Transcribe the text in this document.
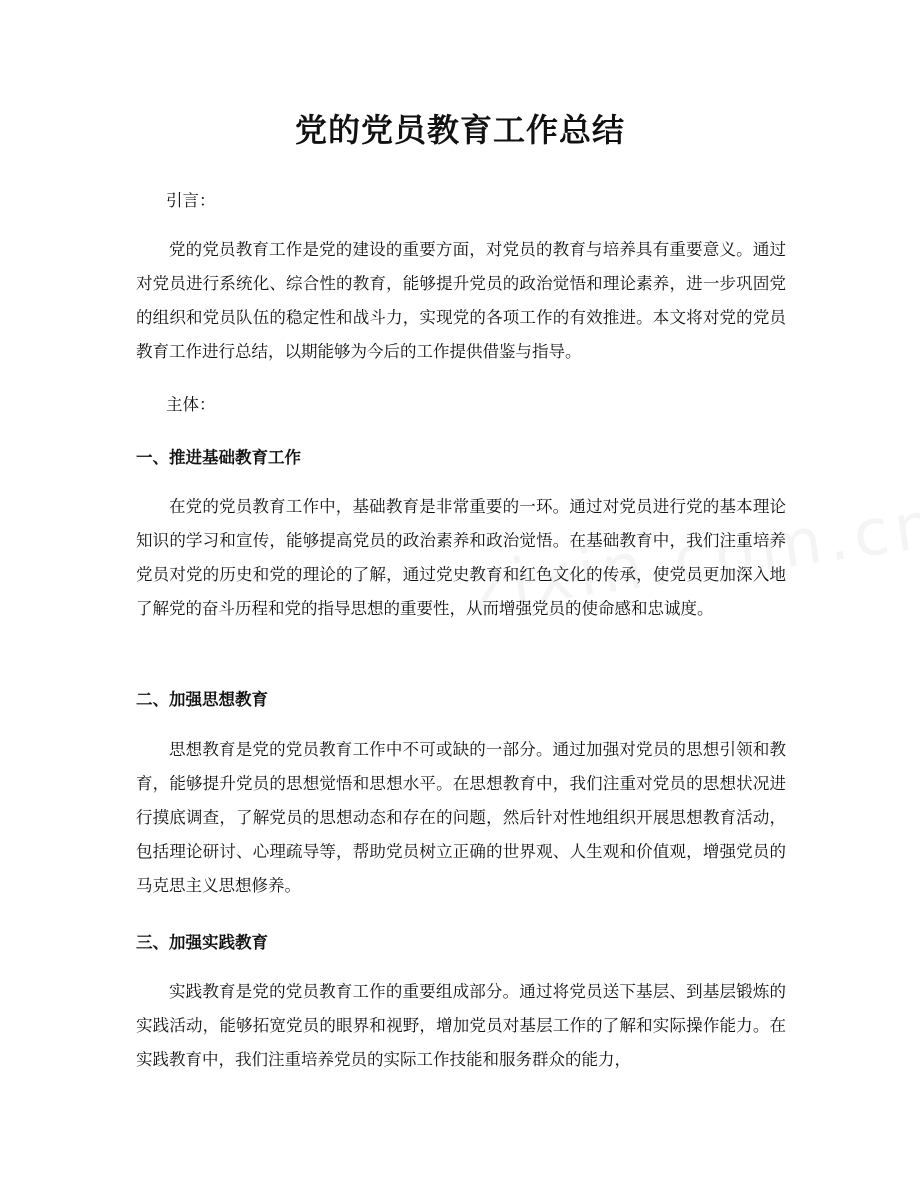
党的党员教育工作总结
引言：

党的党员教育工作是党的建设的重要方面，对党员的教育与培养具有重要意义。通过对党员进行系统化、综合性的教育，能够提升党员的政治觉悟和理论素养，进一步巩固党的组织和党员队伍的稳定性和战斗力，实现党的各项工作的有效推进。本文将对党的党员教育工作进行总结，以期能够为今后的工作提供借鉴与指导。

主体：
一、推进基础教育工作

在党的党员教育工作中，基础教育是非常重要的一环。通过对党员进行党的基本理论知识的学习和宣传，能够提高党员的政治素养和政治觉悟。在基础教育中，我们注重培养党员对党的历史和党的理论的了解，通过党史教育和红色文化的传承，使党员更加深入地了解党的奋斗历程和党的指导思想的重要性，从而增强党员的使命感和忠诚度。

二、加强思想教育

思想教育是党的党员教育工作中不可或缺的一部分。通过加强对党员的思想引领和教育，能够提升党员的思想觉悟和思想水平。在思想教育中，我们注重对党员的思想状况进行摸底调查，了解党员的思想动态和存在的问题，然后针对性地组织开展思想教育活动，包括理论研讨、心理疏导等，帮助党员树立正确的世界观、人生观和价值观，增强党员的马克思主义思想修养。

三、加强实践教育

实践教育是党的党员教育工作的重要组成部分。通过将党员送下基层、到基层锻炼的实践活动，能够拓宽党员的眼界和视野，增加党员对基层工作的了解和实际操作能力。在实践教育中，我们注重培养党员的实际工作技能和服务群众的能力，
